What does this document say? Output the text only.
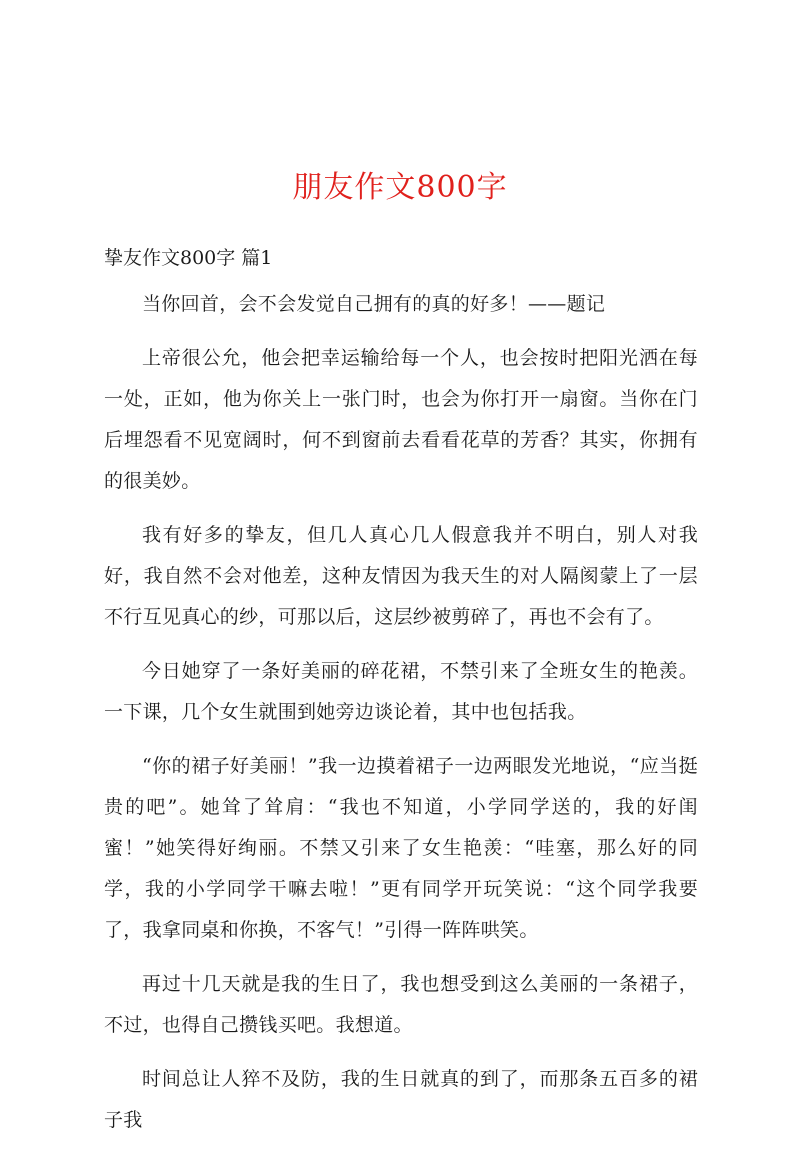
朋友作文800字

挚友作文800字 篇1

当你回首，会不会发觉自己拥有的真的好多！——题记

上帝很公允，他会把幸运输给每一个人，也会按时把阳光洒在每一处，正如，他为你关上一张门时，也会为你打开一扇窗。当你在门后埋怨看不见宽阔时，何不到窗前去看看花草的芳香？其实，你拥有的很美妙。

我有好多的挚友，但几人真心几人假意我并不明白，别人对我好，我自然不会对他差，这种友情因为我天生的对人隔阂蒙上了一层不行互见真心的纱，可那以后，这层纱被剪碎了，再也不会有了。

今日她穿了一条好美丽的碎花裙，不禁引来了全班女生的艳羡。一下课，几个女生就围到她旁边谈论着，其中也包括我。

“你的裙子好美丽！”我一边摸着裙子一边两眼发光地说，“应当挺贵的吧”。她耸了耸肩：“我也不知道，小学同学送的，我的好闺蜜！”她笑得好绚丽。不禁又引来了女生艳羡：“哇塞，那么好的同学，我的小学同学干嘛去啦！”更有同学开玩笑说：“这个同学我要了，我拿同桌和你换，不客气！”引得一阵阵哄笑。

再过十几天就是我的生日了，我也想受到这么美丽的一条裙子，不过，也得自己攒钱买吧。我想道。

时间总让人猝不及防，我的生日就真的到了，而那条五百多的裙子我
